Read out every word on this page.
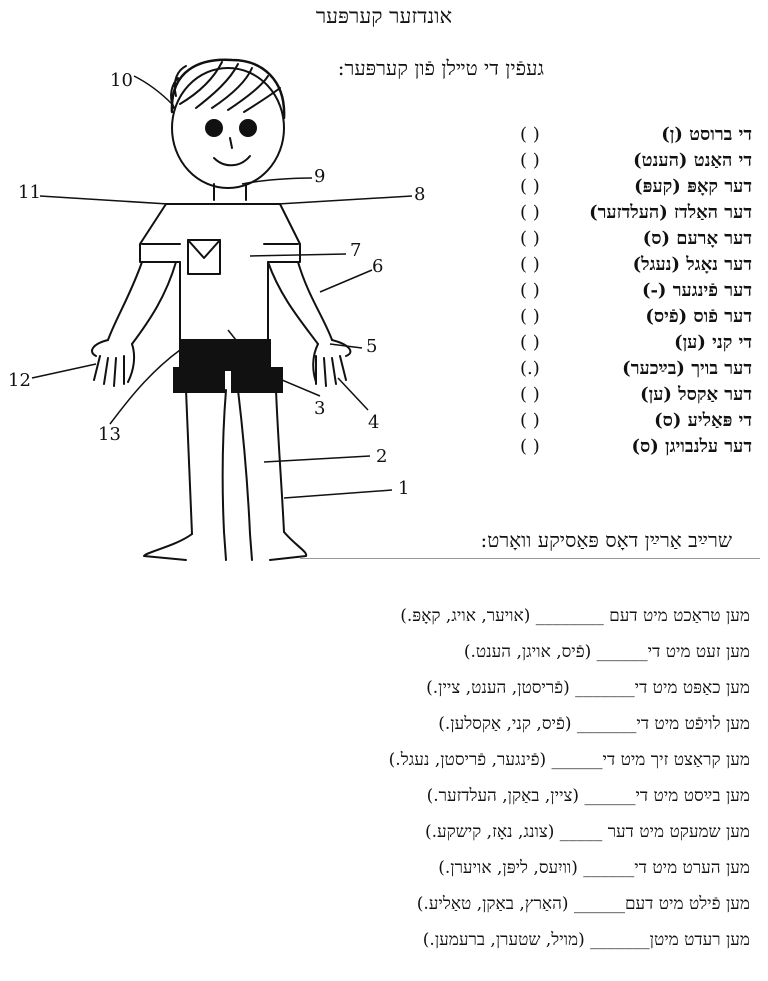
אונדזער קערפּער
געפֿין די טײלן פֿון קערפּער:
10
9
11	8
7
6
5
12
13
3
4
2
1
( )	די ברוסט (ן)
( )	די האַנט (הענט)
( )	דער קאָפּ (קעפּ)
( )	דער האַלדז (העלדזער)
( )	דער אָרעם (ס)
( )	דער נאָגל (נעגל)
( )	דער פֿינגער (-)
( )	דער פֿוס (פֿיס)
( )	די קני (ען)
(.)	דער בויך (בײַכער)
( )	דער אַקסל (ען)
( )	די פּאַליע (ס)
( )	דער עלנבויגן (ס)
שרײַב אַרײַן דאָס פּאַסיקע וואָרט:
מען טראַכט מיט דעם ________ (אויער, אויג, קאָפּ.)
מען זעט מיט די______ (פֿיס, אויגן, הענט.)
מען כאַפּט מיט די_______ (פֿריסטן, הענט, ציין.)
מען לויפֿט מיט די_______ (פֿיס, קני, אַקסלען.)
מען קראַצט זיך מיט די______ (פֿינגער, פֿריסטן, נעגל.)
מען בײַסט מיט די______ (ציין, באַקן, העלדזער.)
מען שמעקט מיט דער _____ (צונג, נאָז, קישקע.)
מען הערט מיט די______ (וויִעס, ליפּן, אויערן.)
מען פֿילט מיט דעם______ (האַרץ, באַקן, טאַליע.)
מען רעדט מיטן_______ (מויל, שטערן, ברעמען.)
